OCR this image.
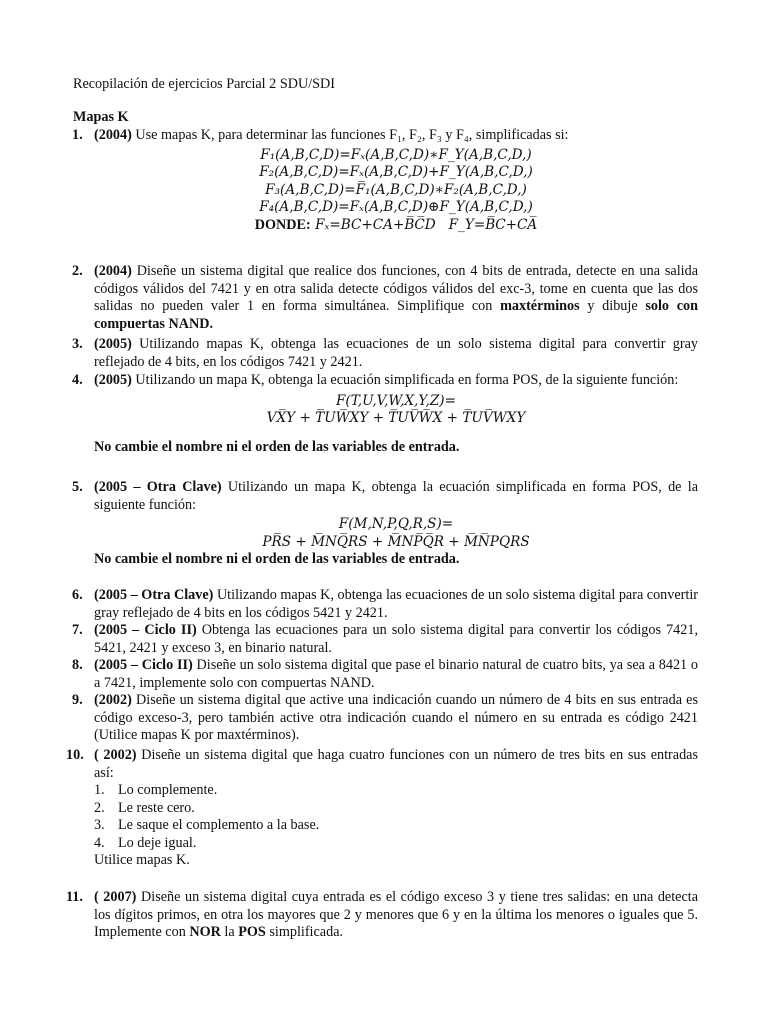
Recopilación de ejercicios Parcial 2 SDU/SDI
Mapas K
1. (2004) Use mapas K, para determinar las funciones F₁, F₂, F₃ y F₄, simplificadas si:

F₁(A,B,C,D)=Fₓ(A,B,C,D)∗F_Y(A,B,C,D,)
F₂(A,B,C,D)=Fₓ(A,B,C,D)+F_Y(A,B,C,D,)
F₃(A,B,C,D)=F̅₁(A,B,C,D)∗F₂(A,B,C,D,)
F₄(A,B,C,D)=Fₓ(A,B,C,D)⊕F_Y(A,B,C,D,)
DONDE: Fₓ=BC+CA+B̅C̅D F_Y=B̅C+CA̅
2. (2004) Diseñe un sistema digital que realice dos funciones, con 4 bits de entrada, detecte en una salida códigos válidos del 7421 y en otra salida detecte códigos válidos del exc-3, tome en cuenta que las dos salidas no pueden valer 1 en forma simultánea. Simplifique con maxtérminos y dibuje solo con compuertas NAND.

3. (2005) Utilizando mapas K, obtenga las ecuaciones de un solo sistema digital para convertir gray reflejado de 4 bits, en los códigos 7421 y 2421.

4. (2005) Utilizando un mapa K, obtenga la ecuación simplificada en forma POS, de la siguiente función:

F(T,U,V,W,X,Y,Z)=
VX̅Y + T̅UW̅XY + T̅UV̅W̅X + T̅UV̅WXY

No cambie el nombre ni el orden de las variables de entrada.

5. (2005 – Otra Clave) Utilizando un mapa K, obtenga la ecuación simplificada en forma POS, de la siguiente función:

F(M,N,P,Q,R,S)=
PR̅S + M̅NQ̅RS + M̅NP̅Q̅R + M̅N̅PQRS

No cambie el nombre ni el orden de las variables de entrada.

6. (2005 – Otra Clave) Utilizando mapas K, obtenga las ecuaciones de un solo sistema digital para convertir gray reflejado de 4 bits en los códigos 5421 y 2421.

7. (2005 – Ciclo II) Obtenga las ecuaciones para un solo sistema digital para convertir los códigos 7421, 5421, 2421 y exceso 3, en binario natural.

8. (2005 – Ciclo II) Diseñe un solo sistema digital que pase el binario natural de cuatro bits, ya sea a 8421 o a 7421, implemente solo con compuertas NAND.

9. (2002) Diseñe un sistema digital que active una indicación cuando un número de 4 bits en sus entrada es código exceso-3, pero también active otra indicación cuando el número en su entrada es código 2421 (Utilice mapas K por maxtérminos).

10. ( 2002) Diseñe un sistema digital que haga cuatro funciones con un número de tres bits en sus entradas así:

1. Lo complemente.
2. Le reste cero.
3. Le saque el complemento a la base.
4. Lo deje igual.

Utilice mapas K.

11. ( 2007) Diseñe un sistema digital cuya entrada es el código exceso 3 y tiene tres salidas: en una detecta los dígitos primos, en otra los mayores que 2 y menores que 6 y en la última los menores o iguales que 5. Implemente con NOR la POS simplificada.
